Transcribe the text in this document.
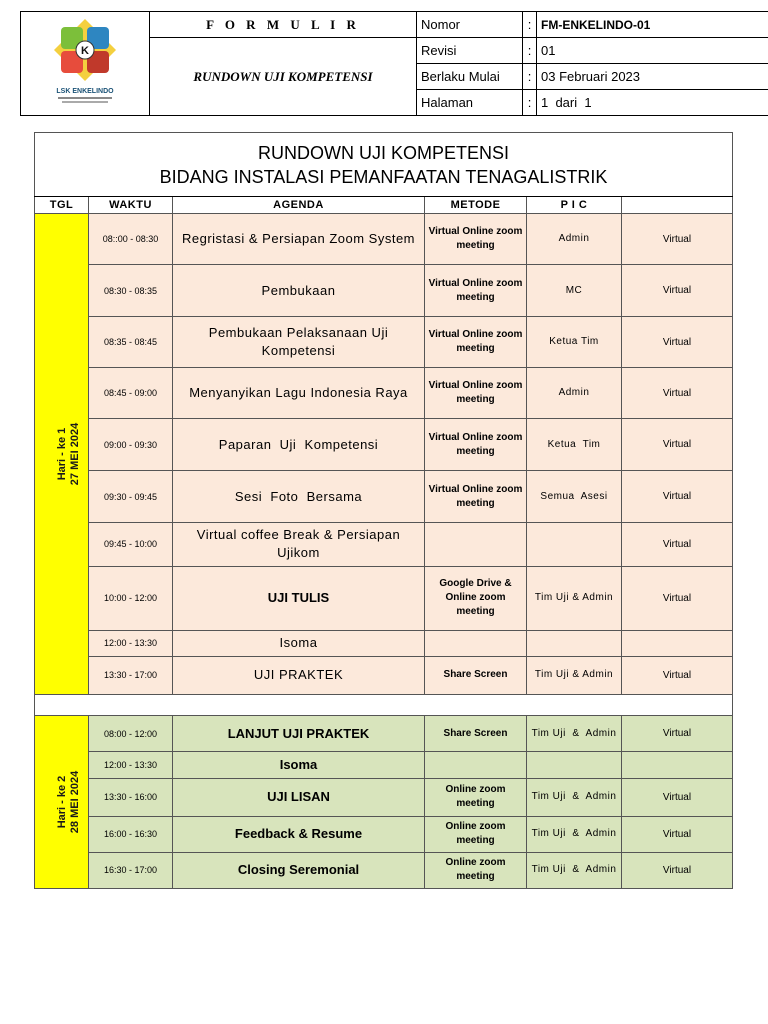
K
LSK ENKELINDO	F O R M U L I R	Nomor	:	FM-ENKELINDO-01
	RUNDOWN UJI KOMPETENSI	Revisi	:	01
		Berlaku Mulai	:	03 Februari 2023
		Halaman	:	1  dari  1
RUNDOWN UJI KOMPETENSI
BIDANG INSTALASI PEMANFAATAN TENAGALISTRIK					

TGL	WAKTU	AGENDA	METODE	P I C	
Hari - ke 1
27 MEI 2024	08::00 - 08:30	Regristasi & Persiapan Zoom System	Virtual Online zoom meeting	Admin	Virtual
	08:30 - 08:35	Pembukaan	Virtual Online zoom meeting	MC	Virtual
	08:35 - 08:45	Pembukaan Pelaksanaan Uji Kompetensi	Virtual Online zoom meeting	Ketua Tim	Virtual
	08:45 - 09:00	Menyanyikan Lagu Indonesia Raya	Virtual Online zoom meeting	Admin	Virtual
	09:00 - 09:30	Paparan  Uji  Kompetensi	Virtual Online zoom meeting	Ketua  Tim	Virtual
	09:30 - 09:45	Sesi  Foto  Bersama	Virtual Online zoom meeting	Semua  Asesi	Virtual
	09:45 - 10:00	Virtual coffee Break & Persiapan Ujikom			Virtual
	10:00 - 12:00	UJI TULIS	Google Drive & Online zoom meeting	Tim Uji & Admin	Virtual
	12:00 - 13:30	Isoma			
	13:30 - 17:00	UJI PRAKTEK	Share Screen	Tim Uji & Admin	Virtual

Hari - ke 2
28 MEI 2024	08:00 - 12:00	LANJUT UJI PRAKTEK	Share Screen	Tim Uji  &  Admin	Virtual
	12:00 - 13:30	Isoma			
	13:30 - 16:00	UJI LISAN	Online zoom meeting	Tim Uji  &  Admin	Virtual
	16:00 - 16:30	Feedback & Resume	Online zoom meeting	Tim Uji  &  Admin	Virtual
	16:30 - 17:00	Closing Seremonial	Online zoom meeting	Tim Uji  &  Admin	Virtual
